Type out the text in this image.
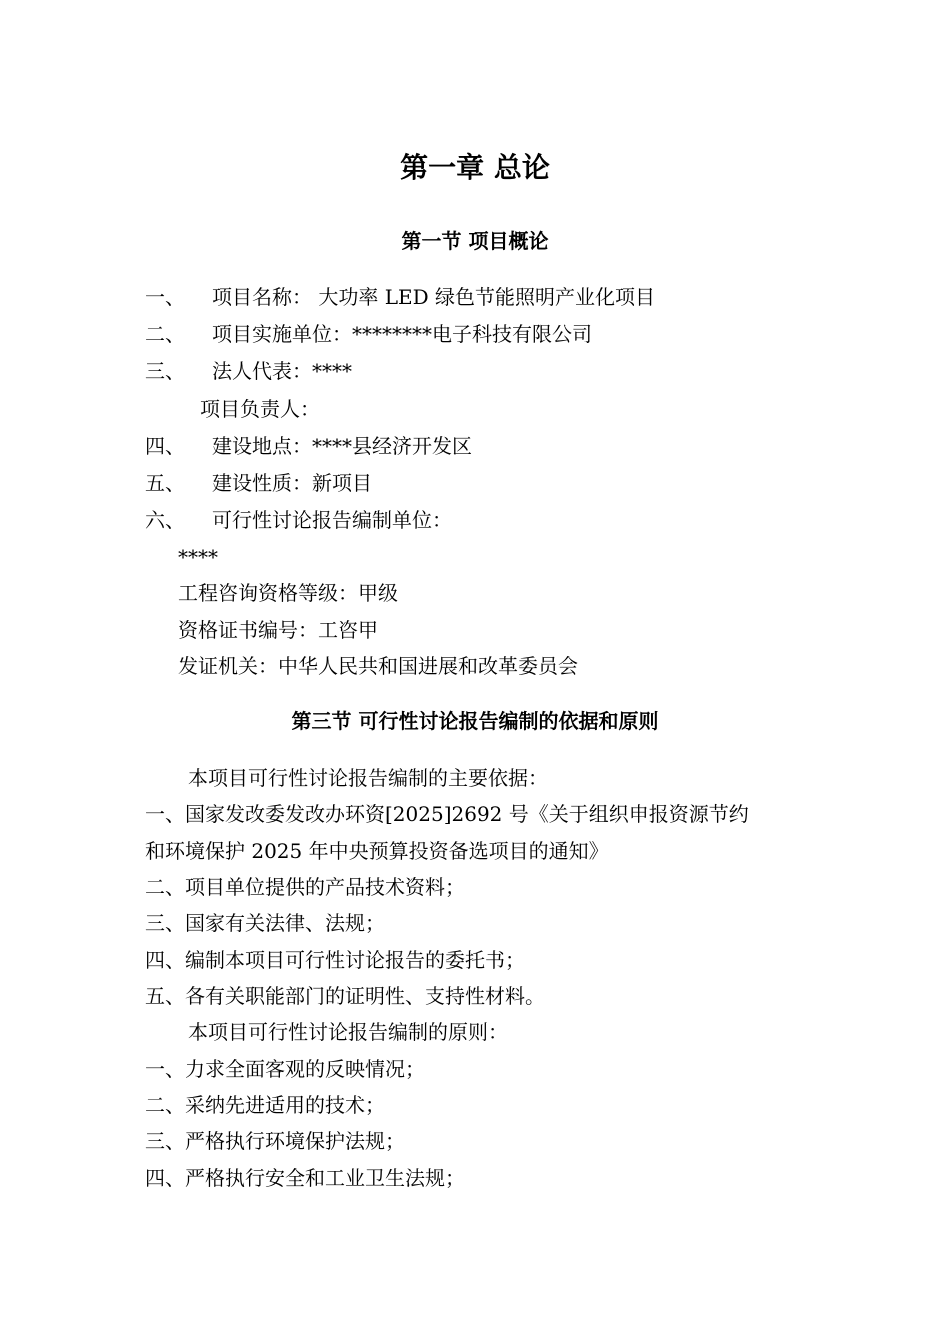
第一章 总论
第一节 项目概论
一、 项目名称： 大功率 LED 绿色节能照明产业化项目
二、 项目实施单位：********电子科技有限公司
三、 法人代表：****
项目负责人：
四、 建设地点：****县经济开发区
五、 建设性质：新项目
六、 可行性讨论报告编制单位：
****
工程咨询资格等级：甲级
资格证书编号：工咨甲
发证机关：中华人民共和国进展和改革委员会
第三节 可行性讨论报告编制的依据和原则
本项目可行性讨论报告编制的主要依据：
一、国家发改委发改办环资[2025]2692 号《关于组织申报资源节约
和环境保护 2025 年中央预算投资备选项目的通知》
二、项目单位提供的产品技术资料；
三、国家有关法律、法规；
四、编制本项目可行性讨论报告的委托书；
五、各有关职能部门的证明性、支持性材料。
本项目可行性讨论报告编制的原则：
一、力求全面客观的反映情况；
二、采纳先进适用的技术；
三、严格执行环境保护法规；
四、严格执行安全和工业卫生法规；
